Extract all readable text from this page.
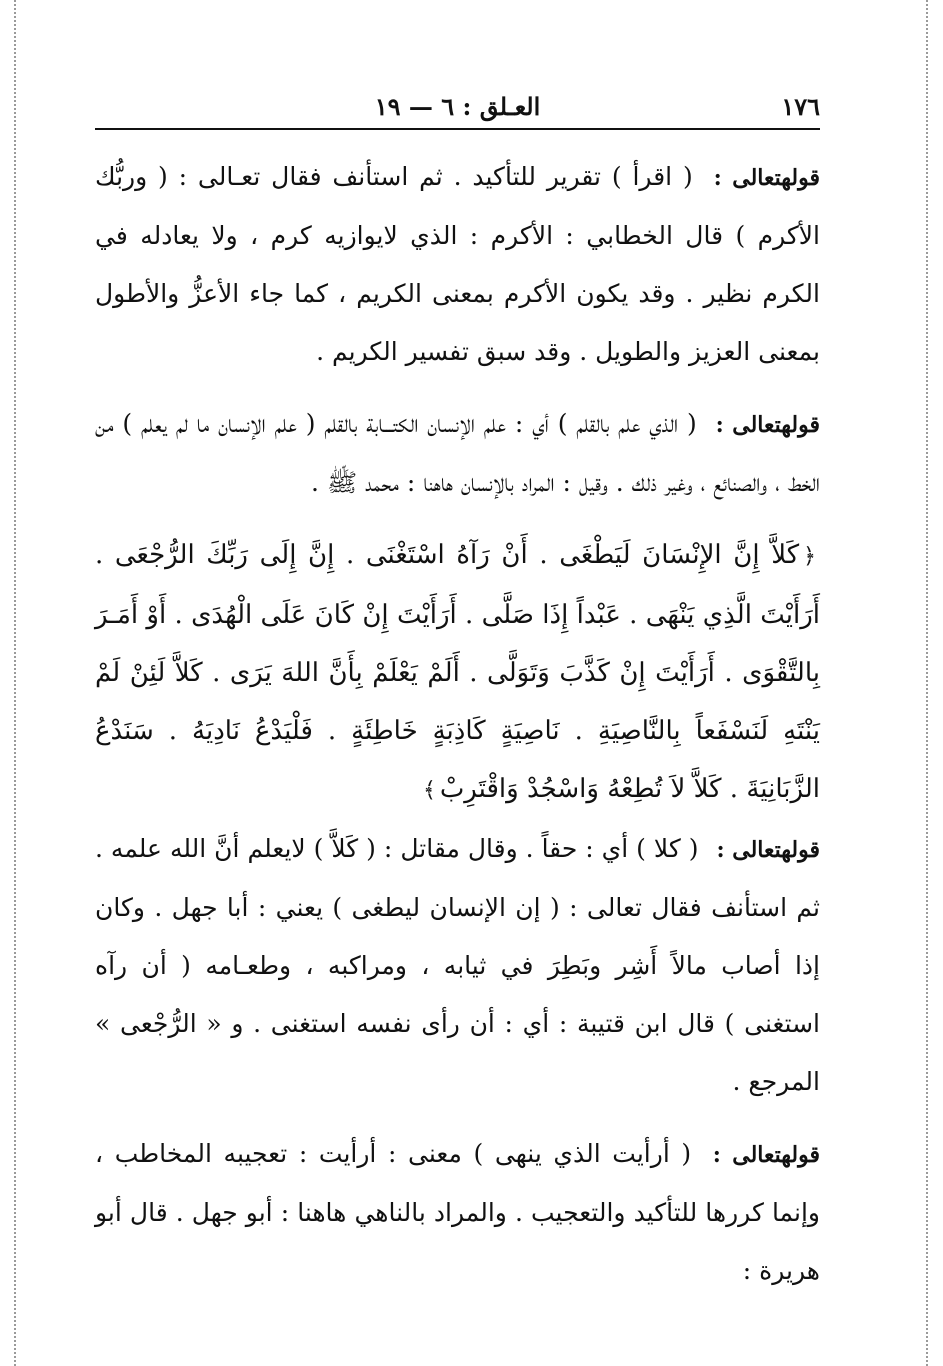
١٧٦
العـلق : ٦ — ١٩

قولهتعالى : ( اقرأ ) تقرير للتأكيد . ثم استأنف فقال تعـالى : ( وربُّك الأكرم ) قال الخطابي : الأكرم : الذي لايوازيه كرم ، ولا يعادله في الكرم نظير . وقد يكون الأكرم بمعنى الكريم ، كما جاء الأعزُّ والأطول بمعنى العزيز والطويل . وقد سبق تفسير الكريم .

قولهتعالى : ( الذي علم بالقلم ) أي : علم الإنسان الكتـــابة بالقلم ( علم الإنسان ما لم يعلم ) من الخط ، والصنائع ، وغير ذلك . وقيل : المراد بالإنسان هاهنا : محمد ﷺ .

﴿كَلاَّ إِنَّ الإِنْسَانَ لَيَطْغَى . أَنْ رَآهُ اسْتَغْنَى . إِنَّ إِلَى رَبِّكَ الرُّجْعَى . أَرَأَيْتَ الَّذِي يَنْهَى . عَبْداً إِذَا صَلَّى . أَرَأَيْتَ إِنْ كَانَ عَلَى الْهُدَى . أَوْ أَمَـرَ بِالتَّقْوَى . أَرَأَيْتَ إِنْ كَذَّبَ وَتَوَلَّى . أَلَمْ يَعْلَمْ بِأَنَّ اللهَ يَرَى . كَلاَّ لَئِنْ لَمْ يَنْتَهِ لَنَسْفَعاً بِالنَّاصِيَةِ . نَاصِيَةٍ كَاذِبَةٍ خَاطِئَةٍ . فَلْيَدْعُ نَادِيَهُ . سَنَدْعُ الزَّبَانِيَةَ . كَلاَّ لاَ تُطِعْهُ وَاسْجُدْ وَاقْتَرِبْ﴾

قولهتعالى : ( كلا ) أي : حقاً . وقال مقاتل : ( كَلاَّ ) لايعلم أنَّ الله علمه . ثم استأنف فقال تعالى : ( إن الإنسان ليطغى ) يعني : أبا جهل . وكان إذا أصاب مالاً أَشِر وبَطِرَ في ثيابه ، ومراكبه ، وطعـامه ( أن رآه استغنى ) قال ابن قتيبة : أي : أن رأى نفسه استغنى . و « الرُّجْعى » المرجع .

قولهتعالى : ( أرأيت الذي ينهى ) معنى : أرأيت : تعجيبه المخاطب ، وإنما كررها للتأكيد والتعجيب . والمراد بالناهي هاهنا : أبو جهل . قال أبو هريرة :
